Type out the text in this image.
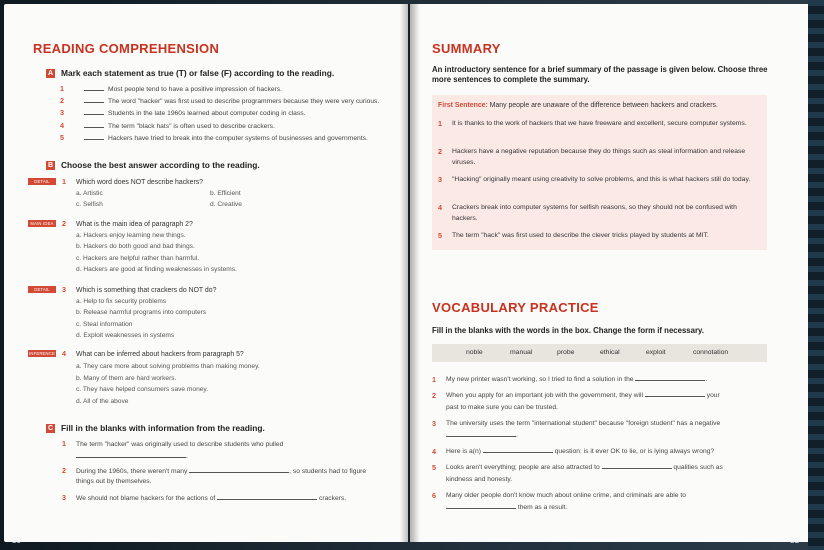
READING COMPREHENSION
A Mark each statement as true (T) or false (F) according to the reading.
1	Most people tend to have a positive impression of hackers.
2	The word "hacker" was first used to describe programmers because they were very curious.
3	Students in the late 1960s learned about computer coding in class.
4	The term "black hats" is often used to describe crackers.
5	Hackers have tried to break into the computer systems of businesses and governments.
B Choose the best answer according to the reading.
DETAIL	1 Which word does NOT describe hackers?
a. Artistic	b. Efficient
c. Selfish	d. Creative
MAIN IDEA	2 What is the main idea of paragraph 2?
a. Hackers enjoy learning new things.
b. Hackers do both good and bad things.
c. Hackers are helpful rather than harmful.
d. Hackers are good at finding weaknesses in systems.
DETAIL	3 Which is something that crackers do NOT do?
a. Help to fix security problems
b. Release harmful programs into computers
c. Steal information
d. Exploit weaknesses in systems
INFERENCE 4 What can be inferred about hackers from paragraph 5?
a. They care more about solving problems than making money.
b. Many of them are hard workers.
c. They have helped consumers save money.
d. All of the above
C Fill in the blanks with information from the reading.
1 The term "hacker" was originally used to describe students who pulled
.
2 During the 1960s, there weren't many	, so students had to figure
things out by themselves.
3 We should not blame hackers for the actions of	crackers.
30
SUMMARY
An introductory sentence for a brief summary of the passage is given below. Choose three more sentences to complete the summary.
First Sentence: Many people are unaware of the difference between hackers and crackers.
1	It is thanks to the work of hackers that we have freeware and excellent, secure computer systems.
2	Hackers have a negative reputation because they do things such as steal information and release viruses.
3	"Hacking" originally meant using creativity to solve problems, and this is what hackers still do today.
4	Crackers break into computer systems for selfish reasons, so they should not be confused with hackers.
5	The term "hack" was first used to describe the clever tricks played by students at MIT.
VOCABULARY PRACTICE
Fill in the blanks with the words in the box. Change the form if necessary.
noble	manual	probe	ethical	exploit	connotation
1	My new printer wasn't working, so I tried to find a solution in the	.
2	When you apply for an important job with the government, they will	your
past to make sure you can be trusted.
3	The university uses the term "international student" because "foreign student" has a negative
.
4	Here is a(n)	question: is it ever OK to lie, or is lying always wrong?
5	Looks aren't everything; people are also attracted to	qualities such as
kindness and honesty.
6	Many older people don't know much about online crime, and criminals are able to
them as a result.
31
